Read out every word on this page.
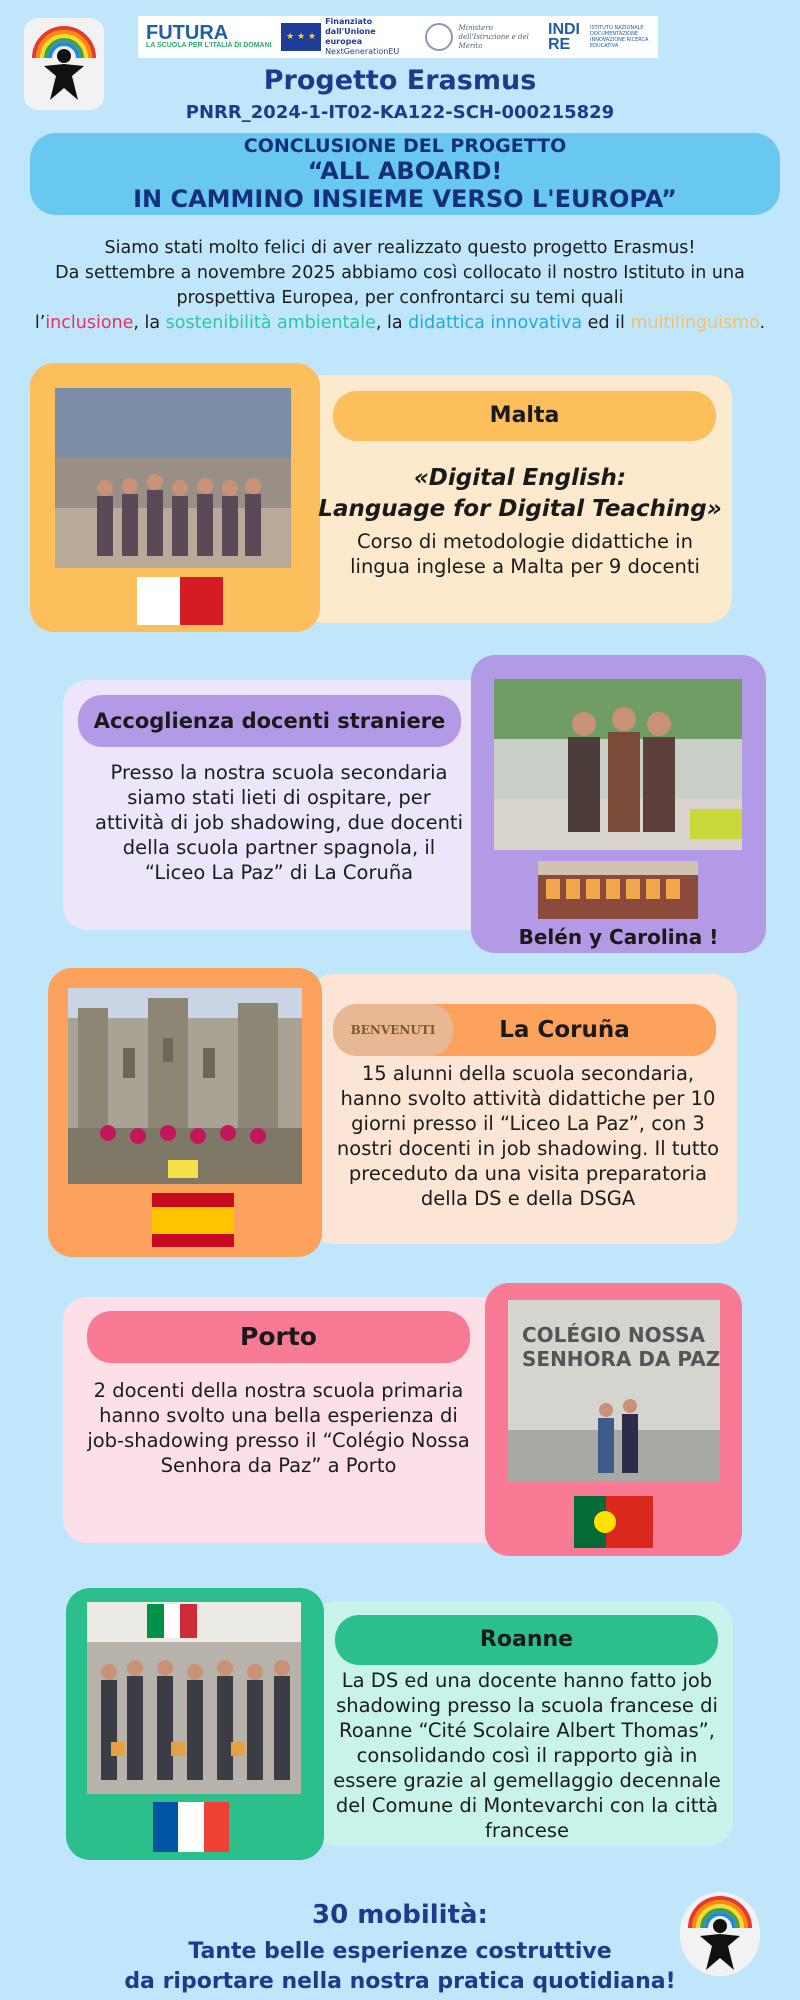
FUTURA
LA SCUOLA PER L'ITALIA DI DOMANI
★ ★ ★
Finanziato dall'Unione europea
NextGenerationEU
Ministero dell'Istruzione e del Merito
INDIRE
ISTITUTO NAZIONALE DOCUMENTAZIONE INNOVAZIONE RICERCA EDUCATIVA
Progetto Erasmus
PNRR_2024-1-IT02-KA122-SCH-000215829
CONCLUSIONE DEL PROGETTO
“ALL ABOARD!
IN CAMMINO INSIEME VERSO L'EUROPA”
Siamo stati molto felici di aver realizzato questo progetto Erasmus!
Da settembre a novembre 2025 abbiamo così collocato il nostro Istituto in una prospettiva Europea, per confrontarci su temi quali
l’inclusione, la sostenibilità ambientale, la didattica innovativa ed il multilinguismo.
Malta
«Digital English:
Language for Digital Teaching»
Corso di metodologie didattiche in lingua inglese a Malta per 9 docenti
Belén y Carolina !
Accoglienza docenti straniere
Presso la nostra scuola secondaria siamo stati lieti di ospitare, per attività di job shadowing, due docenti della scuola partner spagnola, il “Liceo La Paz” di La Coruña
La Coruña
BENVENUTI
15 alunni della scuola secondaria, hanno svolto attività didattiche per 10 giorni presso il “Liceo La Paz”, con 3 nostri docenti in job shadowing. Il tutto preceduto da una visita preparatoria della DS e della DSGA
COLÉGIO NOSSA SENHORA DA PAZ
Porto
2 docenti della nostra scuola primaria hanno svolto una bella esperienza di job-shadowing presso il “Colégio Nossa Senhora da Paz” a Porto
Roanne
La DS ed una docente hanno fatto job shadowing presso la scuola francese di Roanne “Cité Scolaire Albert Thomas”, consolidando così il rapporto già in essere grazie al gemellaggio decennale del Comune di Montevarchi con la città francese
30 mobilità:
Tante belle esperienze costruttive
da riportare nella nostra pratica quotidiana!
